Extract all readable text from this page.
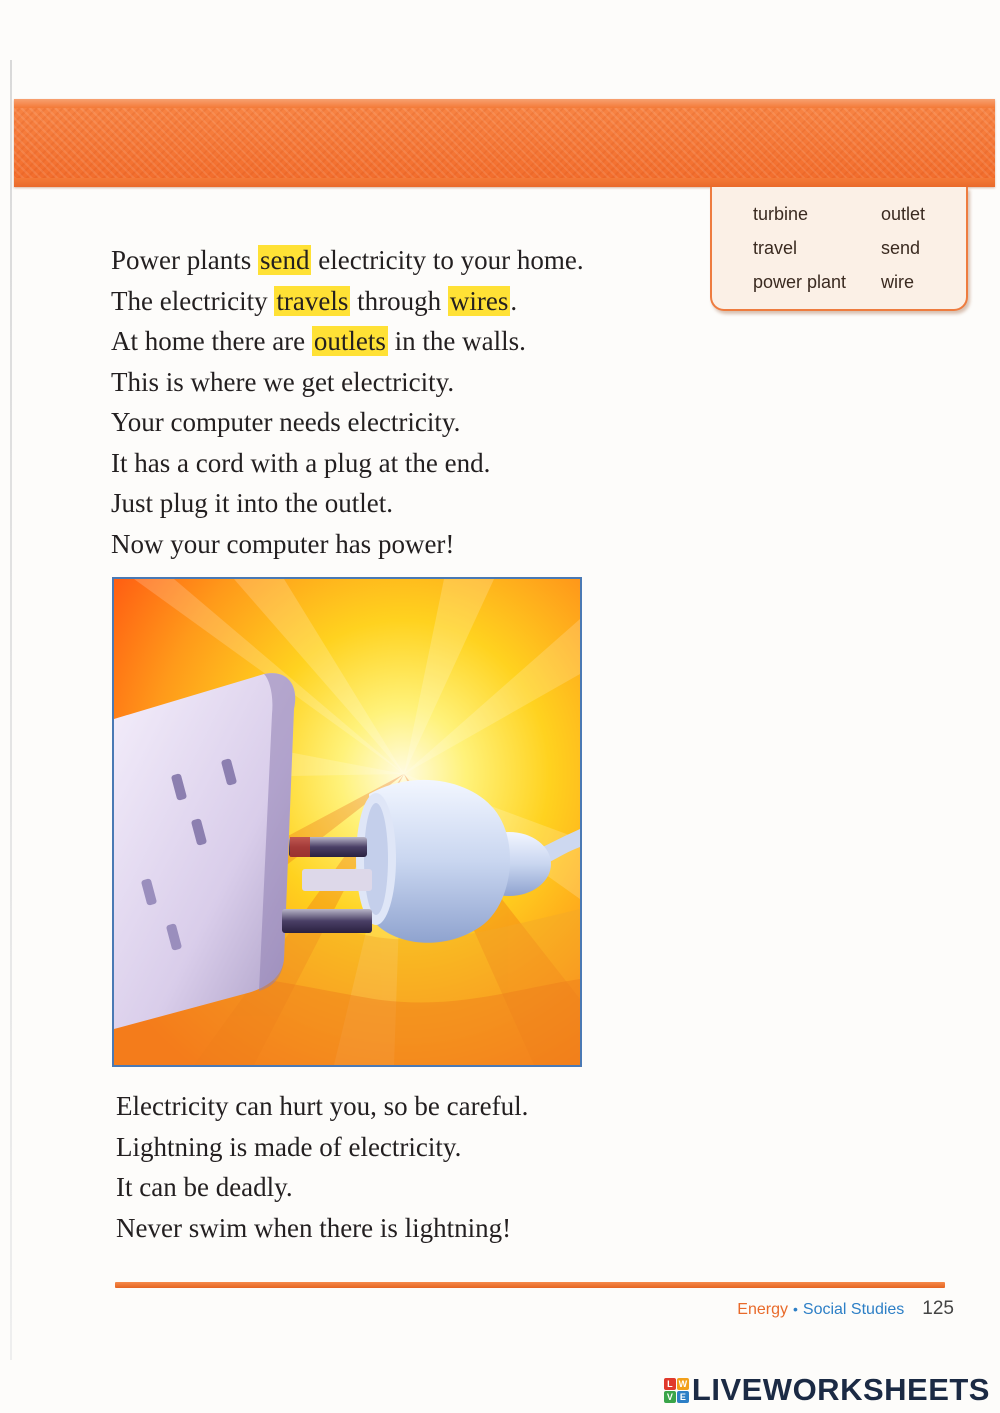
turbine
travel
power plant
outlet
send
wire
Power plants send electricity to your home.
The electricity travels through wires.
At home there are outlets in the walls.
This is where we get electricity.
Your computer needs electricity.
It has a cord with a plug at the end.
Just plug it into the outlet.
Now your computer has power!
Electricity can hurt you, so be careful.
Lightning is made of electricity.
It can be deadly.
Never swim when there is lightning!
Energy • Social Studies 125
L W
V E LIVEWORKSHEETS
